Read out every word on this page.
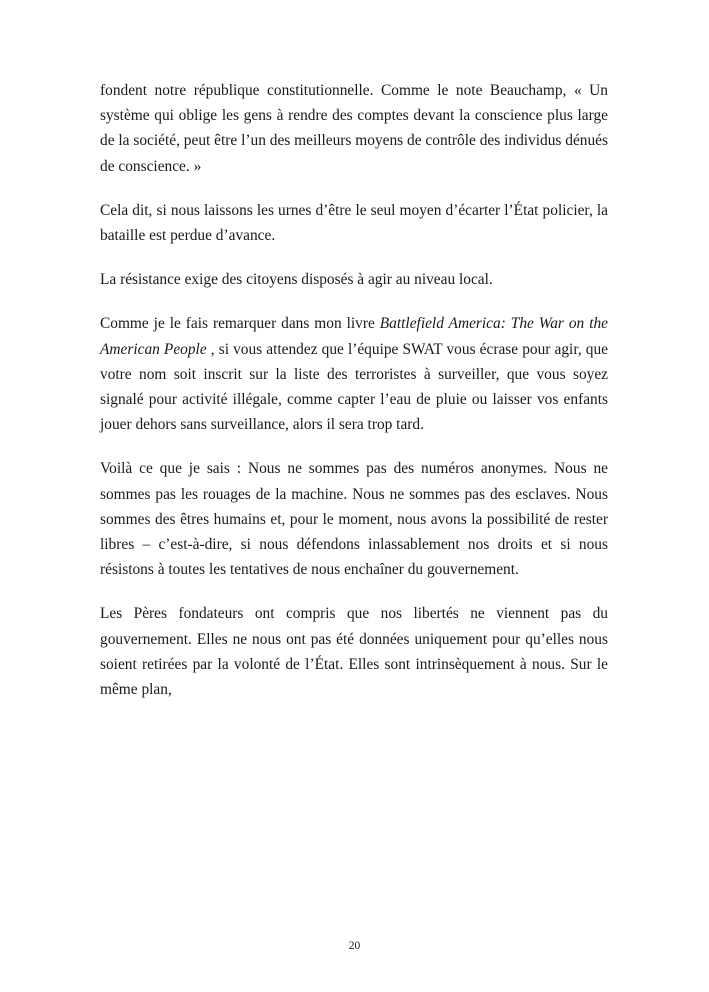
fondent notre république constitutionnelle. Comme le note Beauchamp, « Un système qui oblige les gens à rendre des comptes devant la conscience plus large de la société, peut être l’un des meilleurs moyens de contrôle des individus dénués de conscience. »

Cela dit, si nous laissons les urnes d’être le seul moyen d’écarter l’État policier, la bataille est perdue d’avance.

La résistance exige des citoyens disposés à agir au niveau local.

Comme je le fais remarquer dans mon livre Battlefield America: The War on the American People , si vous attendez que l’équipe SWAT vous écrase pour agir, que votre nom soit inscrit sur la liste des terroristes à surveiller, que vous soyez signalé pour activité illégale, comme capter l’eau de pluie ou laisser vos enfants jouer dehors sans surveillance, alors il sera trop tard.

Voilà ce que je sais : Nous ne sommes pas des numéros anonymes. Nous ne sommes pas les rouages de la machine. Nous ne sommes pas des esclaves. Nous sommes des êtres humains et, pour le moment, nous avons la possibilité de rester libres – c’est-à-dire, si nous défendons inlassablement nos droits et si nous résistons à toutes les tentatives de nous enchaîner du gouvernement.

Les Pères fondateurs ont compris que nos libertés ne viennent pas du gouvernement. Elles ne nous ont pas été données uniquement pour qu’elles nous soient retirées par la volonté de l’État. Elles sont intrinsèquement à nous. Sur le même plan,

20
